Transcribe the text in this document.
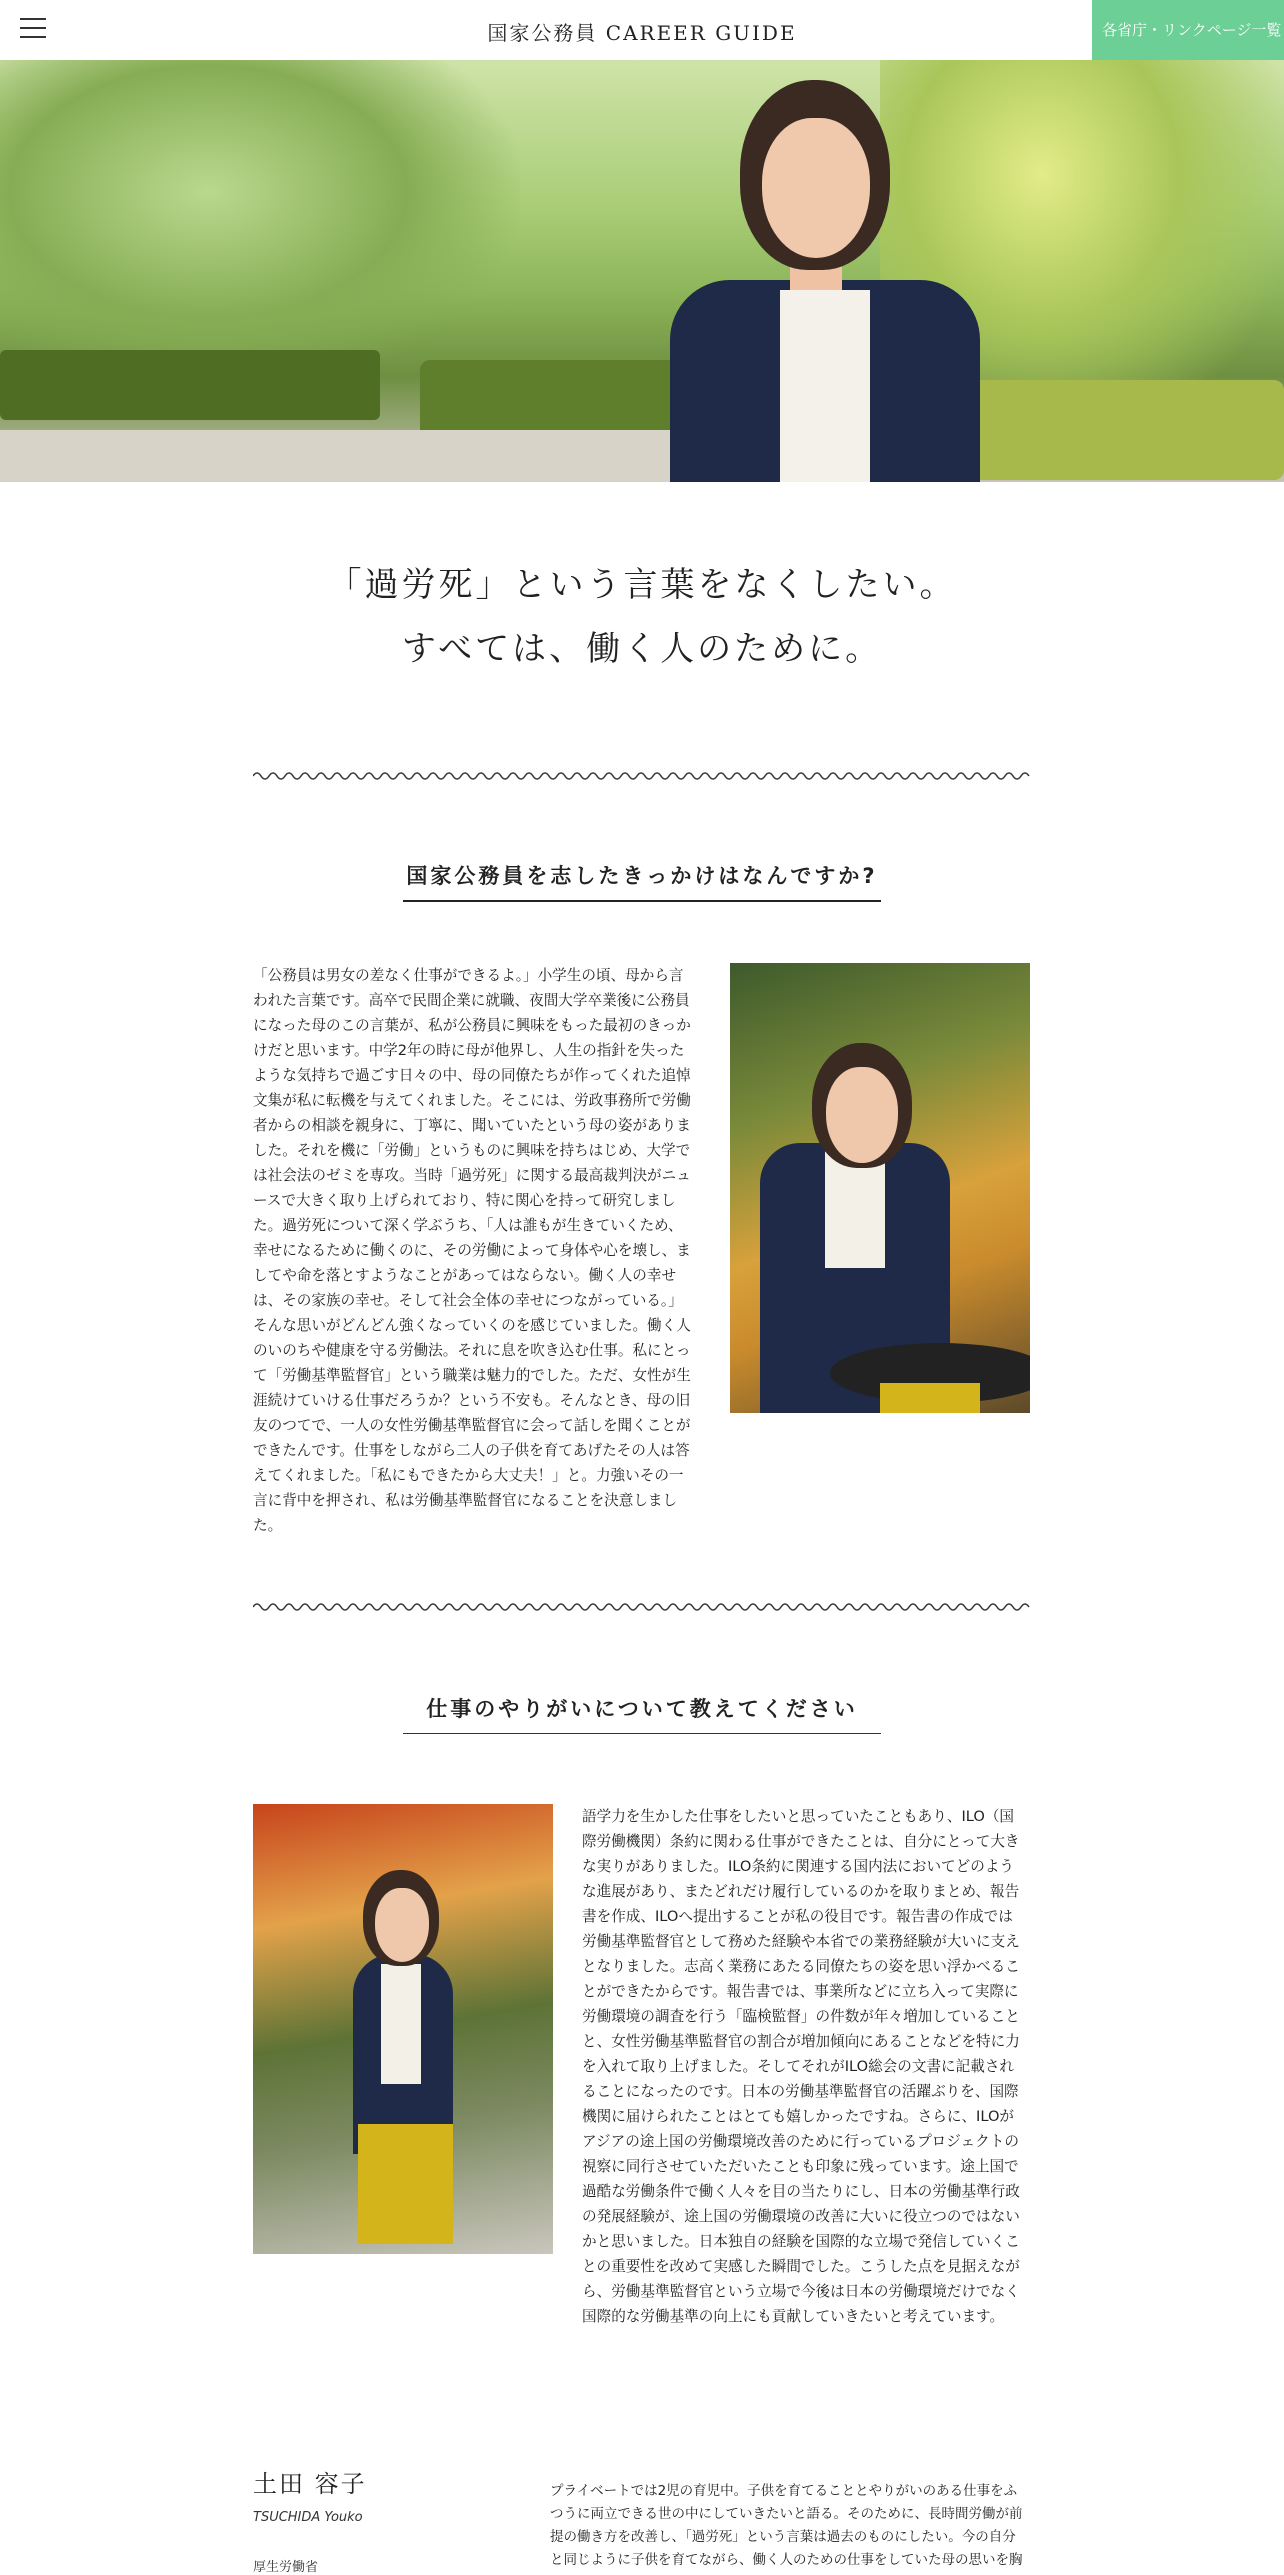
国家公務員 CAREER GUIDE	各省庁・リンクページ一覧
「過労死」という言葉をなくしたい。
すべては、働く人のために。
国家公務員を志したきっかけはなんですか?

「公務員は男女の差なく仕事ができるよ。」小学生の頃、母から言われた言葉です。高卒で民間企業に就職、夜間大学卒業後に公務員になった母のこの言葉が、私が公務員に興味をもった最初のきっかけだと思います。中学2年の時に母が他界し、人生の指針を失ったような気持ちで過ごす日々の中、母の同僚たちが作ってくれた追悼文集が私に転機を与えてくれました。そこには、労政事務所で労働者からの相談を親身に、丁寧に、聞いていたという母の姿がありました。それを機に「労働」というものに興味を持ちはじめ、大学では社会法のゼミを専攻。当時「過労死」に関する最高裁判決がニュースで大きく取り上げられており、特に関心を持って研究しました。過労死について深く学ぶうち、「人は誰もが生きていくため、幸せになるために働くのに、その労働によって身体や心を壊し、ましてや命を落とすようなことがあってはならない。働く人の幸せは、その家族の幸せ。そして社会全体の幸せにつながっている。」そんな思いがどんどん強くなっていくのを感じていました。働く人のいのちや健康を守る労働法。それに息を吹き込む仕事。私にとって「労働基準監督官」という職業は魅力的でした。ただ、女性が生涯続けていける仕事だろうか？という不安も。そんなとき、母の旧友のつてで、一人の女性労働基準監督官に会って話しを聞くことができたんです。仕事をしながら二人の子供を育てあげたその人は答えてくれました。「私にもできたから大丈夫！」と。力強いその一言に背中を押され、私は労働基準監督官になることを決意しました。

仕事のやりがいについて教えてください

語学力を生かした仕事をしたいと思っていたこともあり、ILO（国際労働機関）条約に関わる仕事ができたことは、自分にとって大きな実りがありました。ILO条約に関連する国内法においてどのような進展があり、またどれだけ履行しているのかを取りまとめ、報告書を作成、ILOへ提出することが私の役目です。報告書の作成では労働基準監督官として務めた経験や本省での業務経験が大いに支えとなりました。志高く業務にあたる同僚たちの姿を思い浮かべることができたからです。報告書では、事業所などに立ち入って実際に労働環境の調査を行う「臨検監督」の件数が年々増加していることと、女性労働基準監督官の割合が増加傾向にあることなどを特に力を入れて取り上げました。そしてそれがILO総会の文書に記載されることになったのです。日本の労働基準監督官の活躍ぶりを、国際機関に届けられたことはとても嬉しかったですね。さらに、ILOがアジアの途上国の労働環境改善のために行っているプロジェクトの視察に同行させていただいたことも印象に残っています。途上国で過酷な労働条件で働く人々を目の当たりにし、日本の労働基準行政の発展経験が、途上国の労働環境の改善に大いに役立つのではないかと思いました。日本独自の経験を国際的な立場で発信していくことの重要性を改めて実感した瞬間でした。こうした点を見据えながら、労働基準監督官という立場で今後は日本の労働環境だけでなく国際的な労働基準の向上にも貢献していきたいと考えています。

土田 容子
TSUCHIDA Youko
厚生労働省

プライベートでは2児の育児中。子供を育てることとやりがいのある仕事をふつうに両立できる世の中にしていきたいと語る。そのために、長時間労働が前提の働き方を改善し、「過労死」という言葉は過去のものにしたい。今の自分と同じように子供を育てながら、働く人のための仕事をしていた母の思いを胸
